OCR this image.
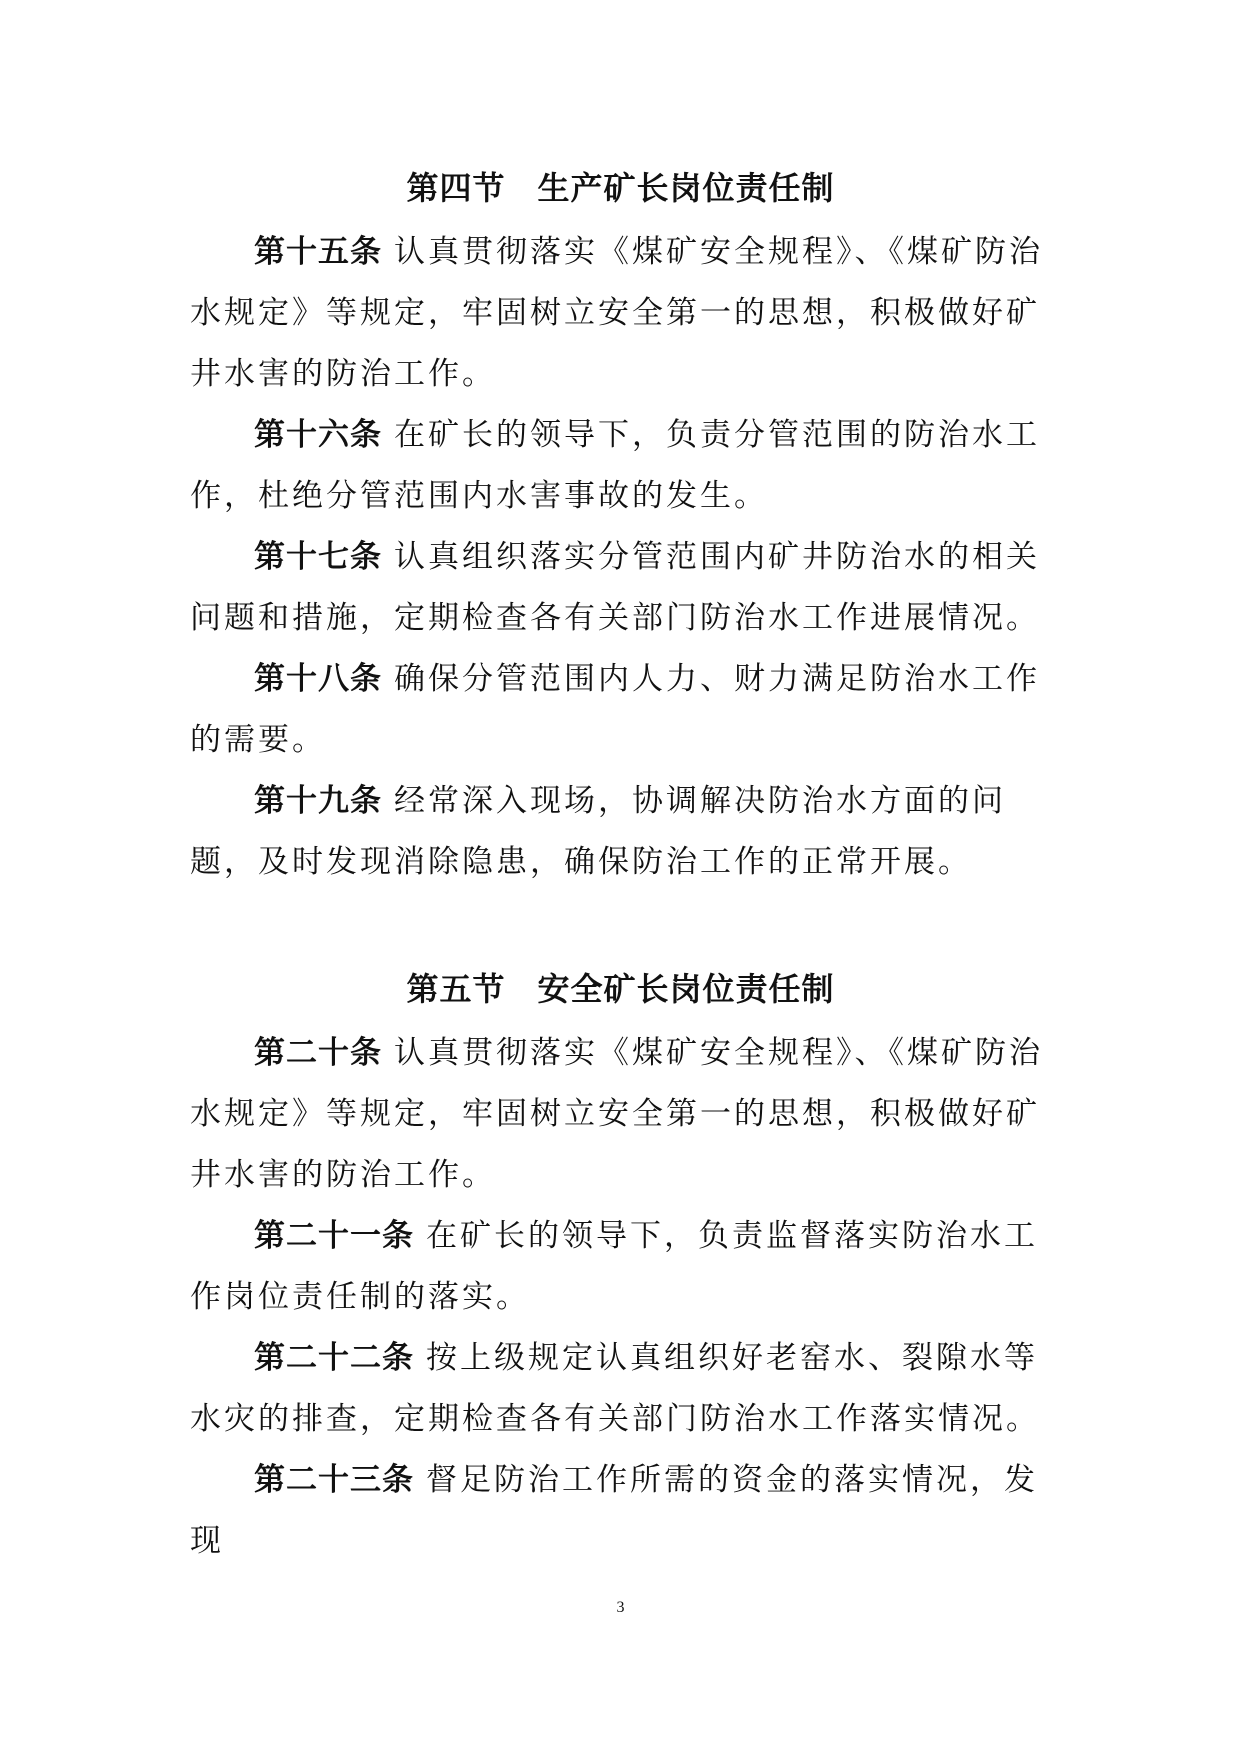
第四节 生产矿长岗位责任制

第十五条 认真贯彻落实《煤矿安全规程》、《煤矿防治水规定》等规定，牢固树立安全第一的思想，积极做好矿井水害的防治工作。

第十六条 在矿长的领导下，负责分管范围的防治水工作，杜绝分管范围内水害事故的发生。

第十七条 认真组织落实分管范围内矿井防治水的相关问题和措施，定期检查各有关部门防治水工作进展情况。

第十八条 确保分管范围内人力、财力满足防治水工作的需要。

第十九条 经常深入现场，协调解决防治水方面的问题，及时发现消除隐患，确保防治工作的正常开展。

第五节 安全矿长岗位责任制

第二十条 认真贯彻落实《煤矿安全规程》、《煤矿防治水规定》等规定，牢固树立安全第一的思想，积极做好矿井水害的防治工作。

第二十一条 在矿长的领导下，负责监督落实防治水工作岗位责任制的落实。

第二十二条 按上级规定认真组织好老窑水、裂隙水等水灾的排查，定期检查各有关部门防治水工作落实情况。

第二十三条 督足防治工作所需的资金的落实情况，发现

3
